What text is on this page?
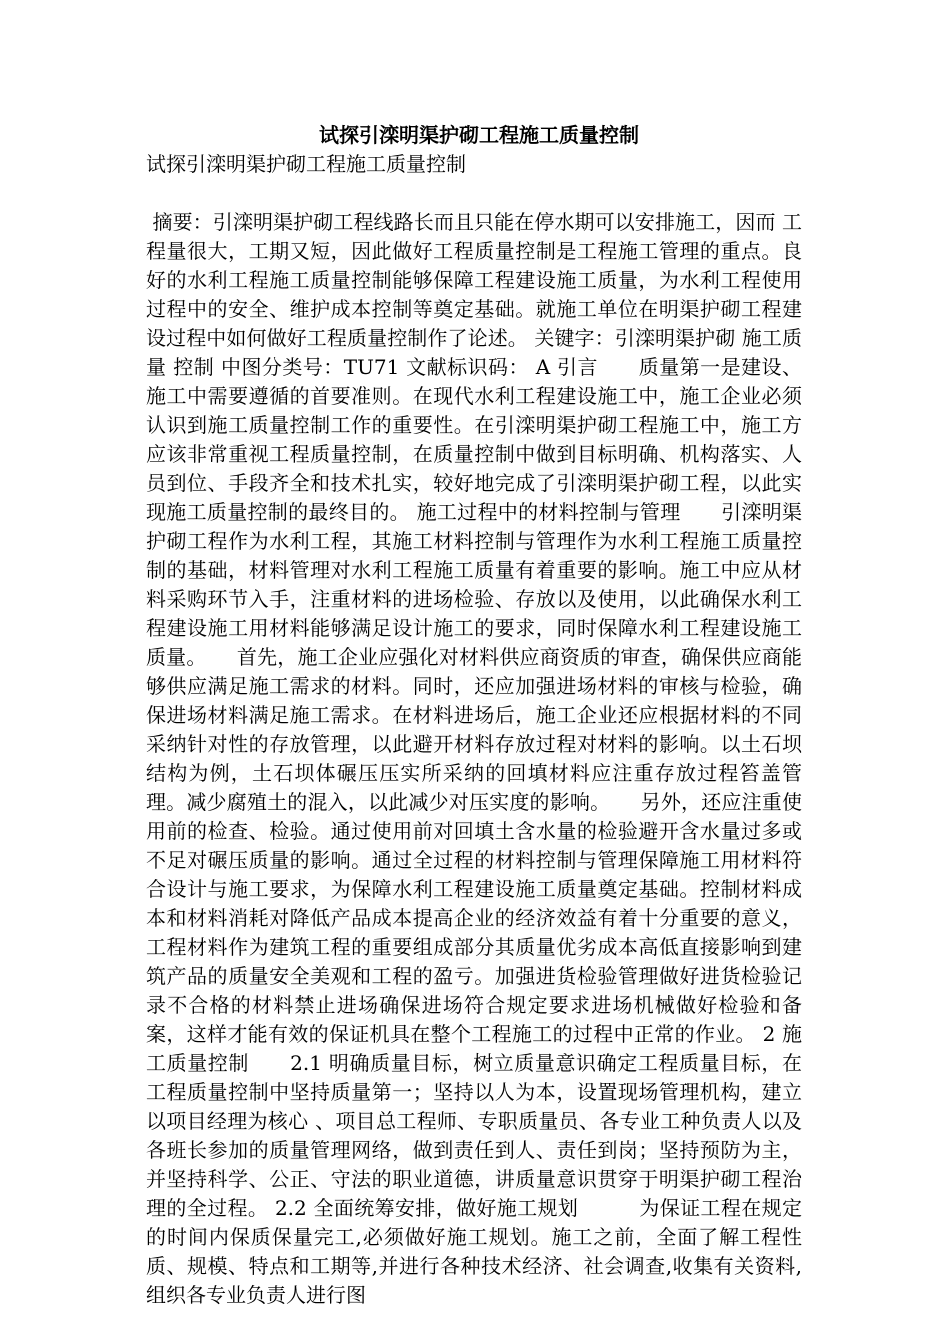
试探引滦明渠护砌工程施工质量控制

试探引滦明渠护砌工程施工质量控制

摘要：引滦明渠护砌工程线路长而且只能在停水期可以安排施工，因而 工程量很大，工期又短，因此做好工程质量控制是工程施工管理的重点。良好的水利工程施工质量控制能够保障工程建设施工质量，为水利工程使用过程中的安全、维护成本控制等奠定基础。就施工单位在明渠护砌工程建设过程中如何做好工程质量控制作了论述。 关键字：引滦明渠护砌 施工质量 控制 中图分类号：TU71 文献标识码： A 引言　　质量第一是建设、施工中需要遵循的首要准则。在现代水利工程建设施工中，施工企业必须认识到施工质量控制工作的重要性。在引滦明渠护砌工程施工中，施工方应该非常重视工程质量控制，在质量控制中做到目标明确、机构落实、人员到位、手段齐全和技术扎实，较好地完成了引滦明渠护砌工程，以此实现施工质量控制的最终目的。 施工过程中的材料控制与管理　　引滦明渠护砌工程作为水利工程，其施工材料控制与管理作为水利工程施工质量控制的基础，材料管理对水利工程施工质量有着重要的影响。施工中应从材料采购环节入手，注重材料的进场检验、存放以及使用，以此确保水利工程建设施工用材料能够满足设计施工的要求，同时保障水利工程建设施工质量。　　首先，施工企业应强化对材料供应商资质的审查，确保供应商能够供应满足施工需求的材料。同时，还应加强进场材料的审核与检验，确保进场材料满足施工需求。在材料进场后，施工企业还应根据材料的不同采纳针对性的存放管理，以此避开材料存放过程对材料的影响。以土石坝结构为例，土石坝体碾压压实所采纳的回填材料应注重存放过程笞盖管理。减少腐殖土的混入，以此减少对压实度的影响。　　另外，还应注重使用前的检查、检验。通过使用前对回填土含水量的检验避开含水量过多或不足对碾压质量的影响。通过全过程的材料控制与管理保障施工用材料符合设计与施工要求，为保障水利工程建设施工质量奠定基础。控制材料成本和材料消耗对降低产品成本提高企业的经济效益有着十分重要的意义，工程材料作为建筑工程的重要组成部分其质量优劣成本高低直接影响到建筑产品的质量安全美观和工程的盈亏。加强进货检验管理做好进货检验记录不合格的材料禁止进场确保进场符合规定要求进场机械做好检验和备案，这样才能有效的保证机具在整个工程施工的过程中正常的作业。 2 施工质量控制　　2.1 明确质量目标，树立质量意识确定工程质量目标，在工程质量控制中坚持质量第一；坚持以人为本，设置现场管理机构，建立以项目经理为核心 、项目总工程师、专职质量员、各专业工种负责人以及各班长参加的质量管理网络，做到责任到人、责任到岗；坚持预防为主， 并坚持科学、公正、守法的职业道德，讲质量意识贯穿于明渠护砌工程治理的全过程。 2.2 全面统筹安排，做好施工规划　　　为保证工程在规定的时间内保质保量完工,必须做好施工规划。施工之前，全面了解工程性质、规模、特点和工期等,并进行各种技术经济、社会调查,收集有关资料,组织各专业负责人进行图
